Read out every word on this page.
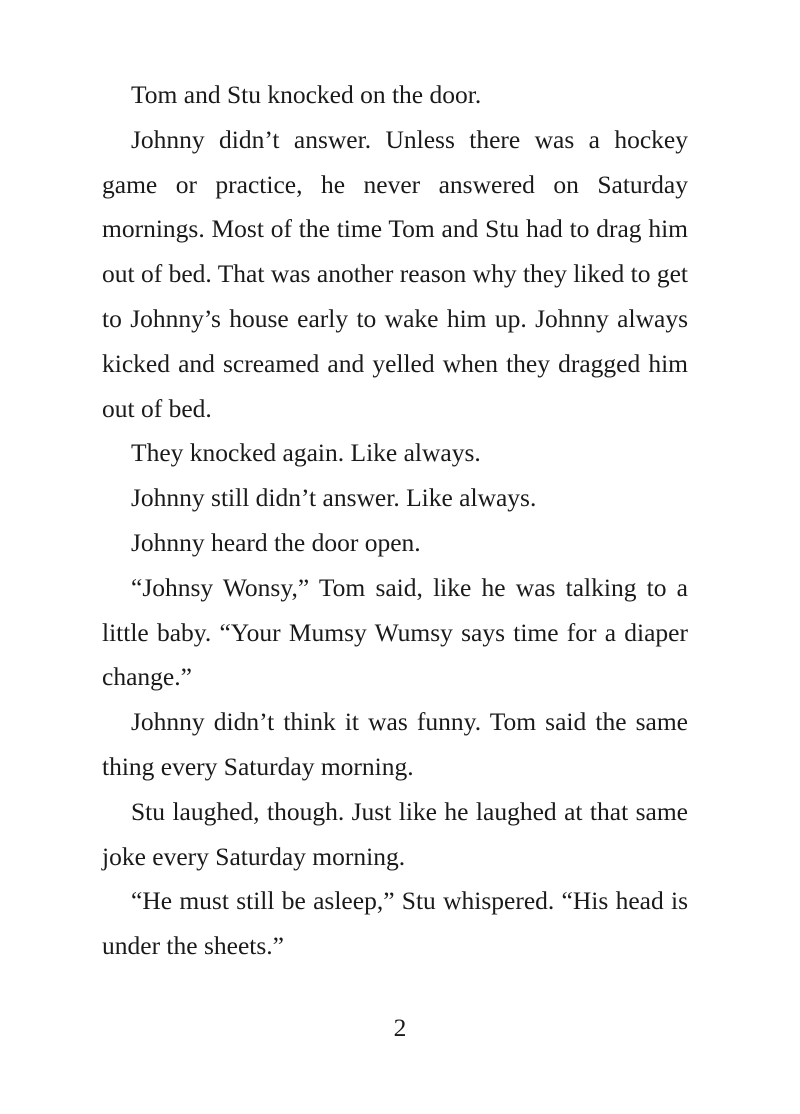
Tom and Stu knocked on the door.

Johnny didn’t answer. Unless there was a hockey game or practice, he never answered on Saturday mornings. Most of the time Tom and Stu had to drag him out of bed. That was another reason why they liked to get to Johnny’s house early to wake him up. Johnny always kicked and screamed and yelled when they dragged him out of bed.

They knocked again. Like always.

Johnny still didn’t answer. Like always.

Johnny heard the door open.

“Johnsy Wonsy,” Tom said, like he was talking to a little baby. “Your Mumsy Wumsy says time for a diaper change.”

Johnny didn’t think it was funny. Tom said the same thing every Saturday morning.

Stu laughed, though. Just like he laughed at that same joke every Saturday morning.

“He must still be asleep,” Stu whispered. “His head is under the sheets.”

2
